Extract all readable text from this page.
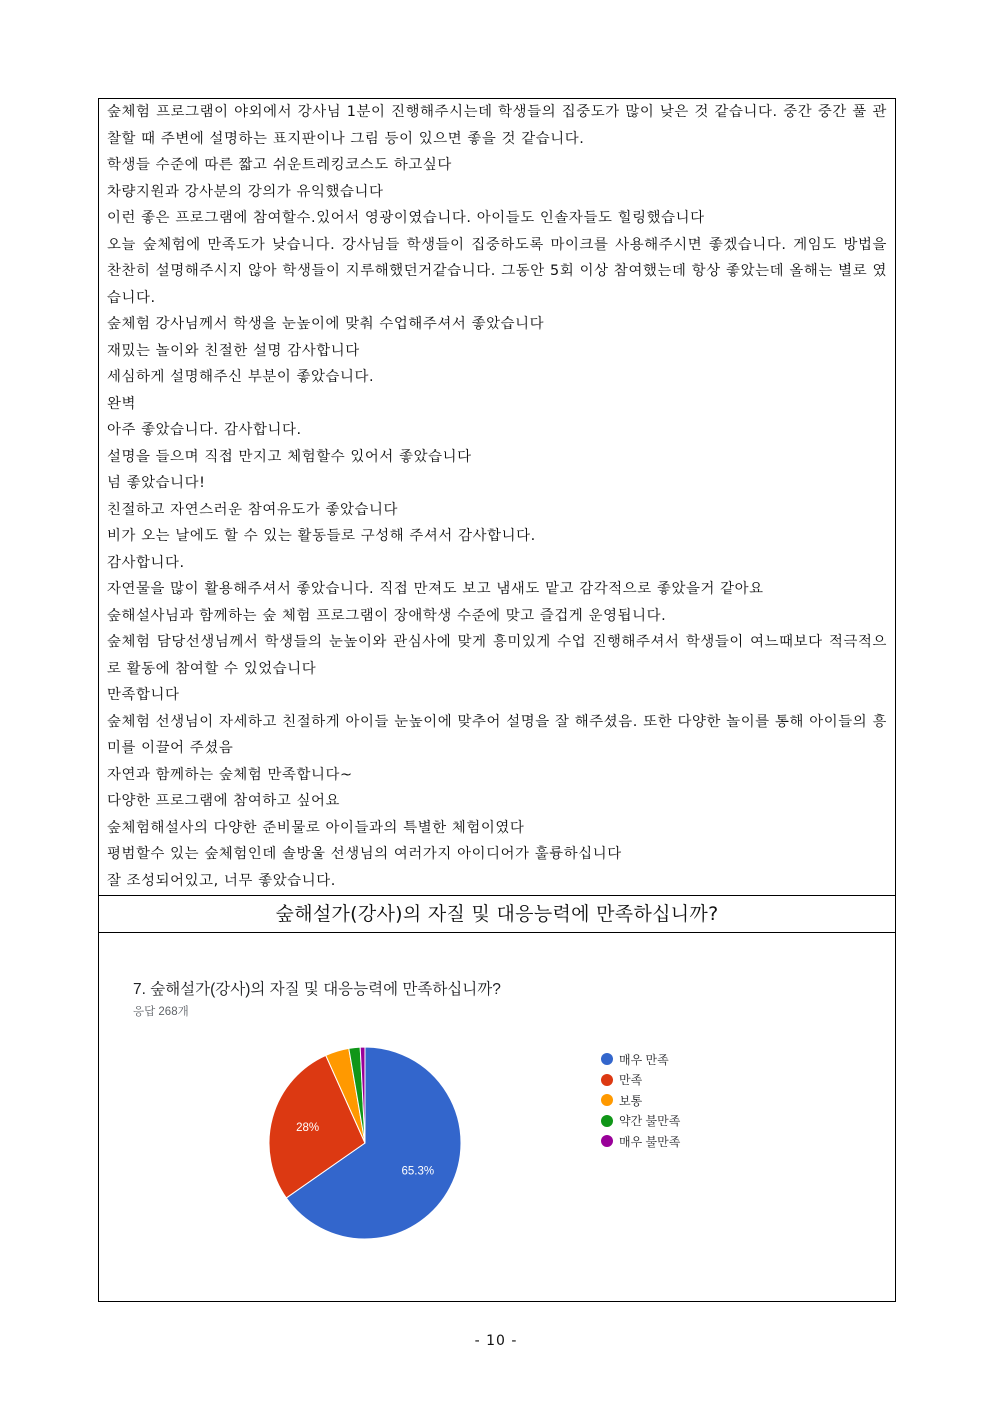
숲체험 프로그램이 야외에서 강사님 1분이 진행해주시는데 학생들의 집중도가 많이 낮은 것 같습니다. 중간 중간 풀 관찰할 때 주변에 설명하는 표지판이나 그림 등이 있으면 좋을 것 같습니다.

학생들 수준에 따른 짧고 쉬운트레킹코스도 하고싶다

차량지원과 강사분의 강의가 유익했습니다

이런 좋은 프로그램에 참여할수.있어서 영광이였습니다. 아이들도 인솔자들도 힐링했습니다

오늘 숲체험에 만족도가 낮습니다. 강사님들 학생들이 집중하도록 마이크를 사용해주시면 좋겠습니다. 게임도 방법을 찬찬히 설명해주시지 않아 학생들이 지루해했던거같습니다. 그동안 5회 이상 참여했는데 항상 좋았는데 올해는 별로 였습니다.

숲체험 강사님께서 학생을 눈높이에 맞춰 수업해주셔서 좋았습니다

재밌는 놀이와 친절한 설명 감사합니다

세심하게 설명해주신 부분이 좋았습니다.

완벽

아주 좋았습니다. 감사합니다.

설명을 들으며 직접 만지고 체험할수 있어서 좋았습니다

넘 좋았습니다!

친절하고 자연스러운 참여유도가 좋았습니다

비가 오는 날에도 할 수 있는 활동들로 구성해 주셔서 감사합니다.

감사합니다.

자연물을 많이 활용해주셔서 좋았습니다. 직접 만져도 보고 냄새도 맡고 감각적으로 좋았을거 같아요

숲해설사님과 함께하는 숲 체험 프로그램이 장애학생 수준에 맞고 즐겁게 운영됩니다.

숲체험 담당선생님께서 학생들의 눈높이와 관심사에 맞게 흥미있게 수업 진행해주셔서 학생들이 여느때보다 적극적으로 활동에 참여할 수 있었습니다

만족합니다

숲체험 선생님이 자세하고 친절하게 아이들 눈높이에 맞추어 설명을 잘 해주셨음. 또한 다양한 놀이를 통해 아이들의 흥미를 이끌어 주셨음

자연과 함께하는 숲체험 만족합니다~

다양한 프로그램에 참여하고 싶어요

숲체험해설사의 다양한 준비물로 아이들과의 특별한 체험이였다

평범할수 있는 숲체험인데 솔방울 선생님의 여러가지 아이디어가 훌륭하십니다

잘 조성되어있고, 너무 좋았습니다.

숲해설가(강사)의 자질 및 대응능력에 만족하십니까?
7. 숲해설가(강사)의 자질 및 대응능력에 만족하십니까?
응답 268개
65.3%
28%
매우 만족
만족
보통
약간 불만족
매우 불만족
- 10 -
